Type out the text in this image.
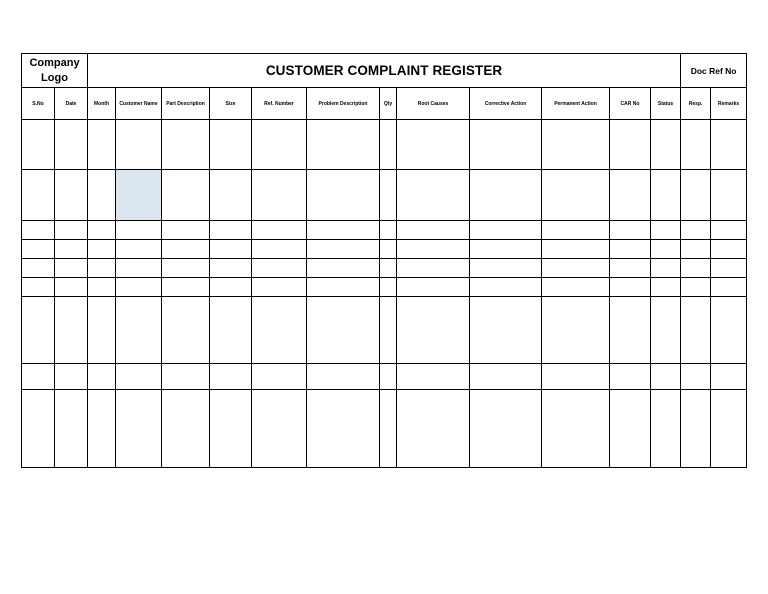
Company Logo		CUSTOMER COMPLAINT REGISTER												Doc Ref No	
S.No	Date	Month	Customer Name	Part Description	Size	Ref. Number	Problem Description	Qty	Root Causes	Corrective Action	Permanent Action	CAR No	Status	Resp.	Remarks
